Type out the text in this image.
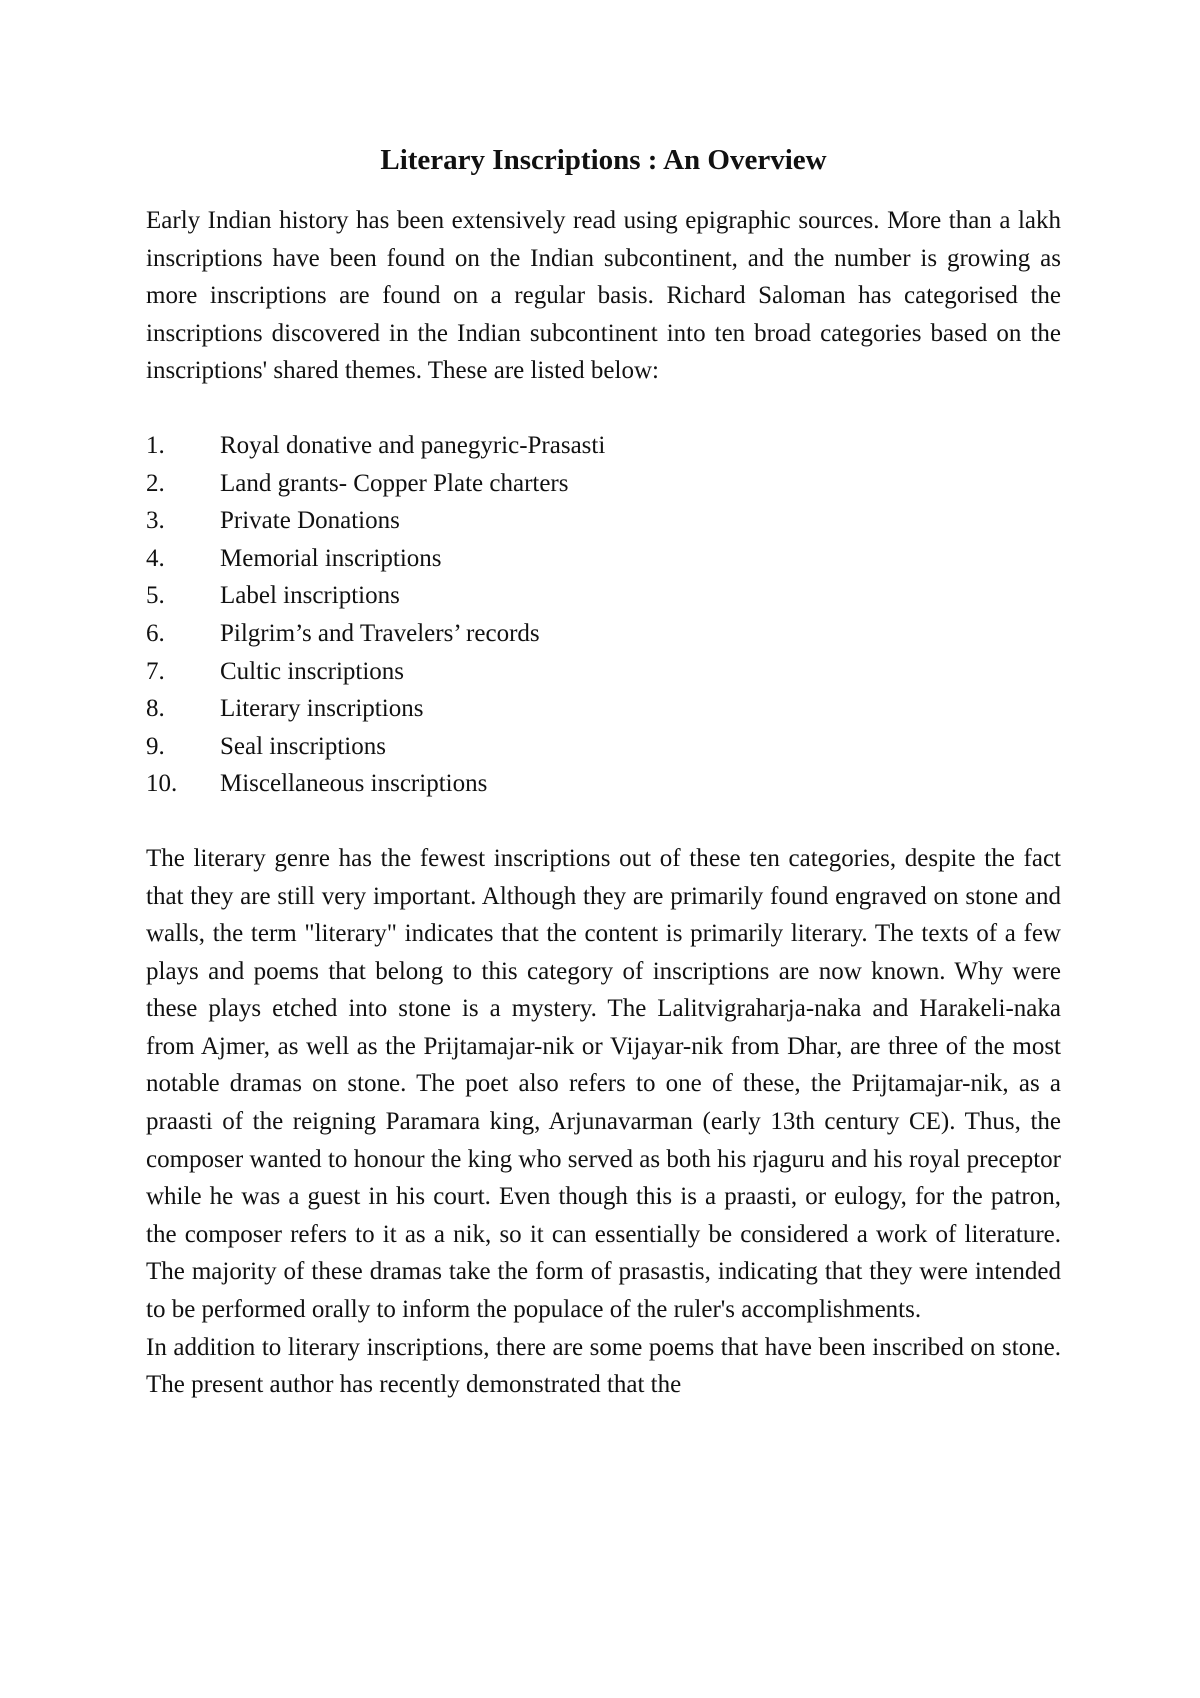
Literary Inscriptions : An Overview

Early Indian history has been extensively read using epigraphic sources. More than a lakh inscriptions have been found on the Indian subcontinent, and the number is growing as more inscriptions are found on a regular basis. Richard Saloman has categorised the inscriptions discovered in the Indian subcontinent into ten broad categories based on the inscriptions' shared themes. These are listed below:

1.	Royal donative and panegyric-Prasasti
2.	Land grants- Copper Plate charters
3.	Private Donations
4.	Memorial inscriptions
5.	Label inscriptions
6.	Pilgrim’s and Travelers’ records
7.	Cultic inscriptions
8.	Literary inscriptions
9.	Seal inscriptions
10.	Miscellaneous inscriptions

The literary genre has the fewest inscriptions out of these ten categories, despite the fact that they are still very important. Although they are primarily found engraved on stone and walls, the term "literary" indicates that the content is primarily literary. The texts of a few plays and poems that belong to this category of inscriptions are now known. Why were these plays etched into stone is a mystery. The Lalitvigraharja-naka and Harakeli-naka from Ajmer, as well as the Prijtamajar-nik or Vijayar-nik from Dhar, are three of the most notable dramas on stone. The poet also refers to one of these, the Prijtamajar-nik, as a praasti of the reigning Paramara king, Arjunavarman (early 13th century CE). Thus, the composer wanted to honour the king who served as both his rjaguru and his royal preceptor while he was a guest in his court. Even though this is a praasti, or eulogy, for the patron, the composer refers to it as a nik, so it can essentially be considered a work of literature. The majority of these dramas take the form of prasastis, indicating that they were intended to be performed orally to inform the populace of the ruler's accomplishments.

In addition to literary inscriptions, there are some poems that have been inscribed on stone. The present author has recently demonstrated that the
